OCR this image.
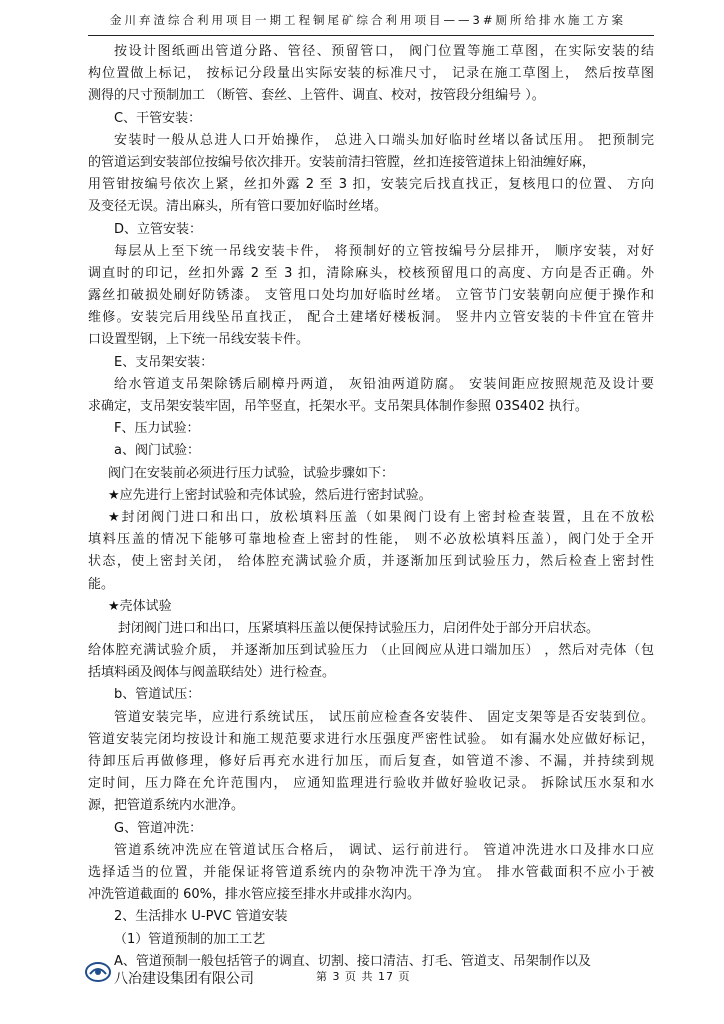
金川弃渣综合利用项目一期工程铜尾矿综合利用项目——3#厕所给排水施工方案
按设计图纸画出管道分路、管径、预留管口， 阀门位置等施工草图，在实际安装的结
构位置做上标记， 按标记分段量出实际安装的标准尺寸， 记录在施工草图上， 然后按草图
测得的尺寸预制加工 （断管、套丝、上管件、调直、校对，按管段分组编号 ）。
C、干管安装：
安装时一般从总进人口开始操作， 总进入口端头加好临时丝堵以备试压用。 把预制完
的管道运到安装部位按编号依次排开。安装前清扫管膛，丝扣连接管道抹上铅油缠好麻，
用管钳按编号依次上紧，丝扣外露 2 至 3 扣，安装完后找直找正，复核甩口的位置、 方向
及变径无误。清出麻头，所有管口要加好临时丝堵。
D、立管安装：
每层从上至下统一吊线安装卡件， 将预制好的立管按编号分层排开， 顺序安装，对好
调直时的印记，丝扣外露 2 至 3 扣，清除麻头，校核预留甩口的高度、方向是否正确。外
露丝扣破损处刷好防锈漆。 支管甩口处均加好临时丝堵。 立管节门安装朝向应便于操作和
维修。安装完后用线坠吊直找正， 配合土建堵好楼板洞。 竖井内立管安装的卡件宜在管井
口设置型钢，上下统一吊线安装卡件。
E、支吊架安装：
给水管道支吊架除锈后刷樟丹两道， 灰铅油两道防腐。 安装间距应按照规范及设计要
求确定，支吊架安装牢固，吊竿竖直，托架水平。支吊架具体制作参照 03S402 执行。
F、压力试验：
a、阀门试验：
阀门在安装前必须进行压力试验，试验步骤如下：
★应先进行上密封试验和壳体试验，然后进行密封试验。
★封闭阀门进口和出口，放松填料压盖（如果阀门设有上密封检查装置，且在不放松
填料压盖的情况下能够可靠地检查上密封的性能， 则不必放松填料压盖），阀门处于全开
状态，使上密封关闭， 给体腔充满试验介质，并逐渐加压到试验压力，然后检查上密封性
能。
★壳体试验
封闭阀门进口和出口，压紧填料压盖以便保持试验压力，启闭件处于部分开启状态。
给体腔充满试验介质， 并逐渐加压到试验压力 （止回阀应从进口端加压） ，然后对壳体（包
括填料函及阀体与阀盖联结处）进行检查。
b、管道试压：
管道安装完毕，应进行系统试压， 试压前应检查各安装件、 固定支架等是否安装到位。
管道安装完闭均按设计和施工规范要求进行水压强度严密性试验。 如有漏水处应做好标记，
待卸压后再做修理，修好后再充水进行加压，而后复查，如管道不渗、不漏，并持续到规
定时间，压力降在允许范围内， 应通知监理进行验收并做好验收记录。 拆除试压水泵和水
源，把管道系统内水泄净。
G、管道冲洗：
管道系统冲洗应在管道试压合格后， 调试、运行前进行。 管道冲洗进水口及排水口应
选择适当的位置，并能保证将管道系统内的杂物冲洗干净为宜。 排水管截面积不应小于被
冲洗管道截面的 60%，排水管应接至排水井或排水沟内。
2、生活排水 U-PVC 管道安装
（1）管道预制的加工工艺
A、管道预制一般包括管子的调直、切割、接口清洁、打毛、管道支、吊架制作以及
八冶建设集团有限公司	第 3 页 共 17 页
